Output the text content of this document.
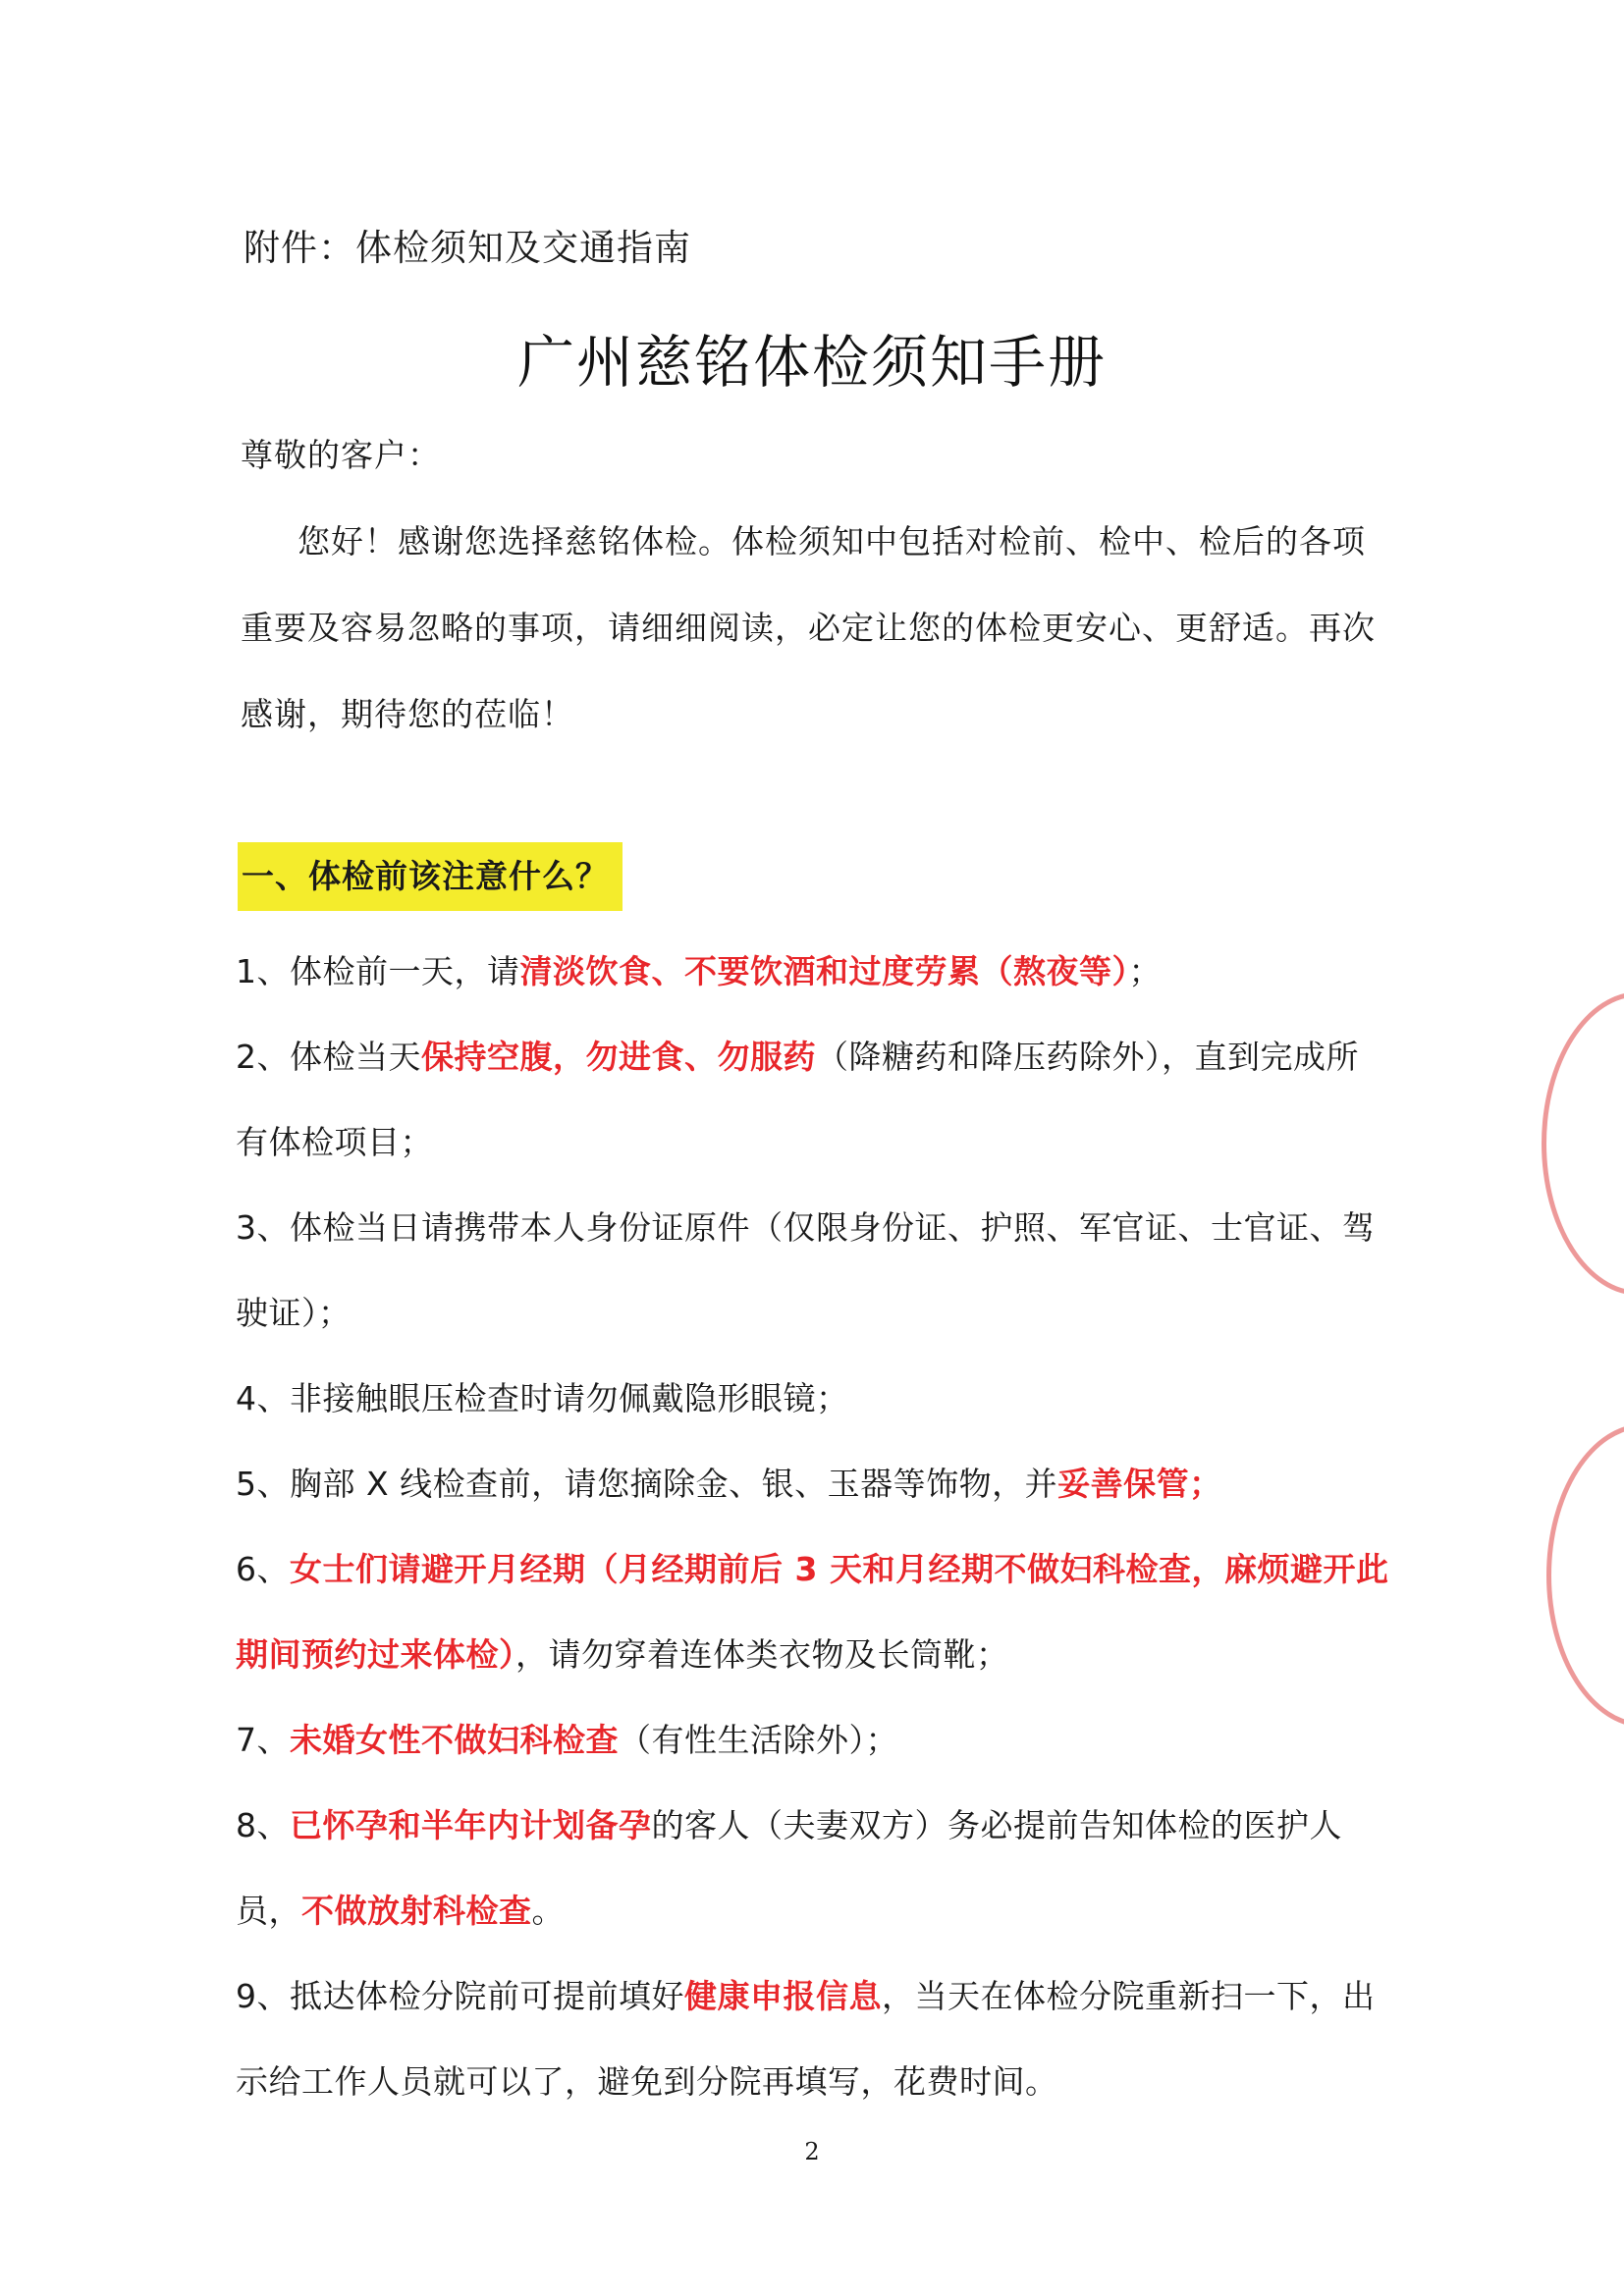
附件：体检须知及交通指南
广州慈铭体检须知手册
尊敬的客户：
您好！感谢您选择慈铭体检。体检须知中包括对检前、检中、检后的各项重要及容易忽略的事项，请细细阅读，必定让您的体检更安心、更舒适。再次感谢，期待您的莅临！
一、体检前该注意什么？

1、体检前一天，请清淡饮食、不要饮酒和过度劳累（熬夜等）；

2、体检当天保持空腹，勿进食、勿服药（降糖药和降压药除外），直到完成所有体检项目；

3、体检当日请携带本人身份证原件（仅限身份证、护照、军官证、士官证、驾驶证）；

4、非接触眼压检查时请勿佩戴隐形眼镜；

5、胸部 X 线检查前，请您摘除金、银、玉器等饰物，并妥善保管；

6、女士们请避开月经期（月经期前后 3 天和月经期不做妇科检查，麻烦避开此期间预约过来体检），请勿穿着连体类衣物及长筒靴；

7、未婚女性不做妇科检查（有性生活除外）；

8、已怀孕和半年内计划备孕的客人（夫妻双方）务必提前告知体检的医护人员，不做放射科检查。

9、抵达体检分院前可提前填好健康申报信息，当天在体检分院重新扫一下，出示给工作人员就可以了，避免到分院再填写，花费时间。

2
